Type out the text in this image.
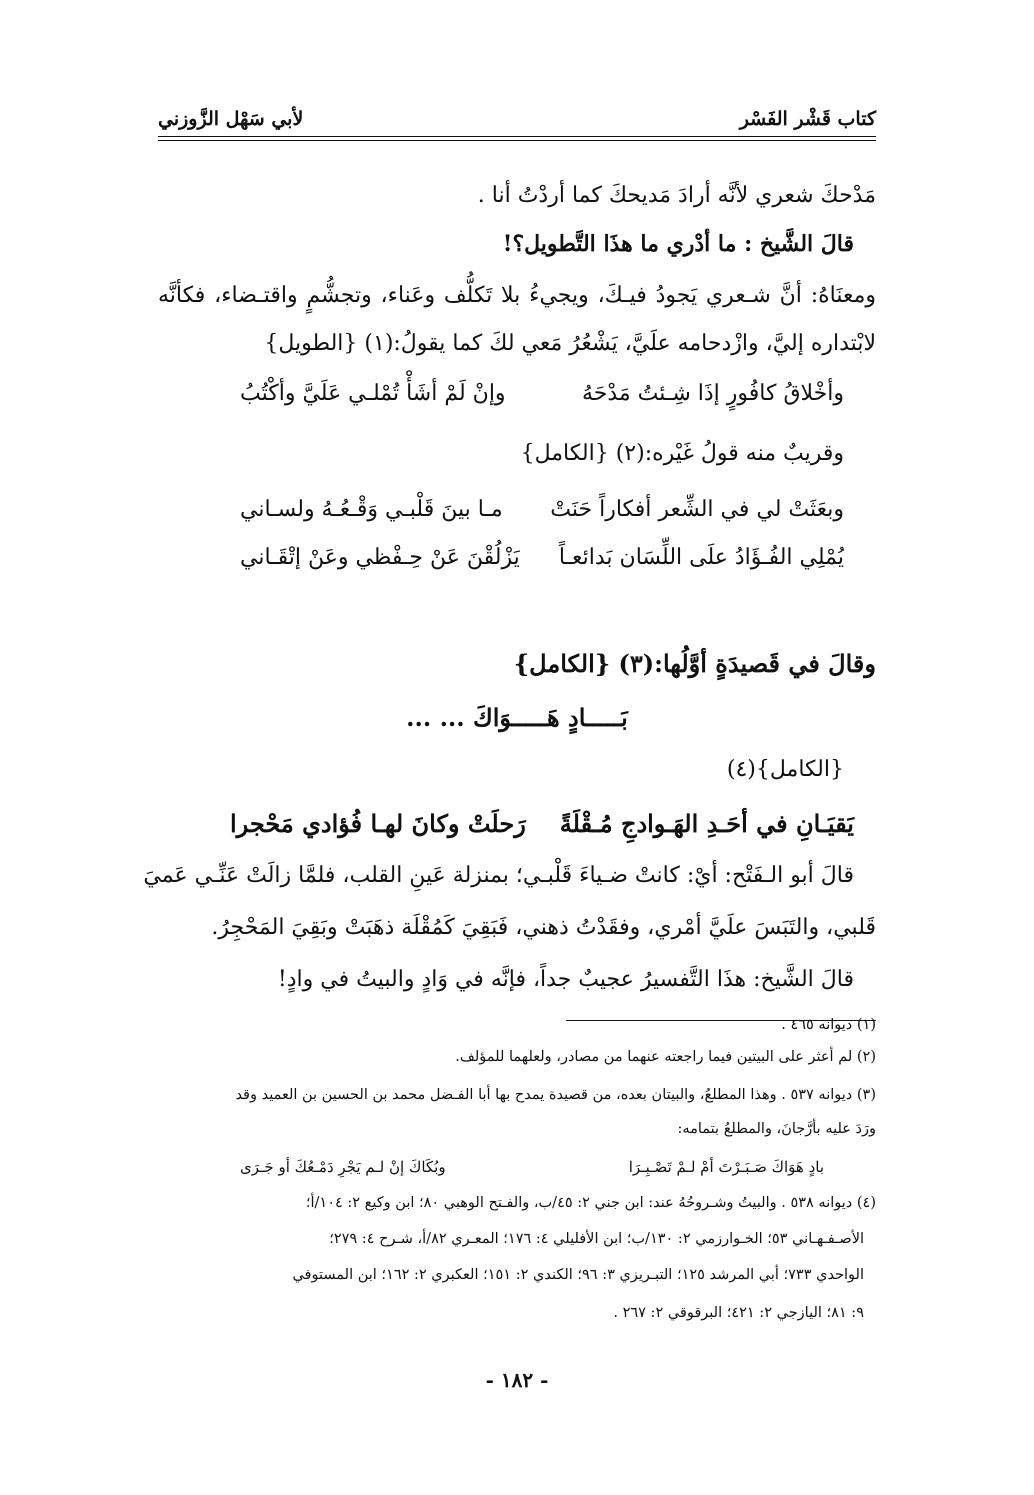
كتاب قَشْر الفَسْر
لأبي سَهْل الزَّوزني
مَدْحكَ شعري لأنَّه أرادَ مَديحكَ كما أردْتُ أنا .
قالَ الشَّيخ : ما أدْري ما هذَا التَّطويل؟!
ومعنَاهُ: أنَّ شـعري يَجودُ فيـكَ، ويجيءُ بلا تَكلُّف وعَناء، وتجشُّمٍ واقتـضاء، فكأنَّه
لابْتداره إليَّ، وازْدحامه علَيَّ، يَشْعُرُ مَعي لكَ كما يقولُ:(١) {الطويل}
وأخْلاقُ كافُورٍ إذَا شِـئتُ مَدْحَهُ
وإنْ لَمْ أشَأْ تُمْلـي عَلَيَّ وأكْتُبُ
وقريبٌ منه قولُ غَيْره:(٢) {الكامل}
وبعَثَتْ لي في الشِّعر أفكاراً حَنَتْ
مـا بينَ قَلْبـي وَقْـعُـهُ ولسـاني
يُمْلِي الفُـؤَادُ علَى اللِّسَان بَدائعـاً
يَزْلُقْنَ عَنْ حِـفْظي وعَنْ إتْقَـاني
وقالَ في قَصيدَةٍ أوَّلُها:(٣) {الكامل}
بَـــــادٍ هَـــــوَاكَ ... ...
{الكامل}(٤)
يَقيَـانِ في أحَـدِ الهَـوادجِ مُـقْلَةً
رَحلَتْ وكانَ لهـا فُؤادي مَحْجرا
قالَ أبو الـفَتْح: أيْ: كانتْ ضـياءَ قَلْبـي؛ بمنزلة عَينِ القلب، فلمَّا زالَتْ عَنِّـي عَميَ
قَلبي، والتَبَسَ علَيَّ أمْري، وفقَدْتُ ذهني، فَبَقِيَ كَمُقْلَة ذهَبَتْ وبَقِيَ المَحْجِرُ.
قالَ الشَّيخ: هذَا التَّفسيرُ عجيبٌ جداً، فإنَّه في وَادٍ والبيتُ في وادٍ!
(١) ديوانه ٤٦٥ .
(٢) لم أعثر على البيتين فيما راجعته عنهما من مصادر، ولعلهما للمؤلف.
(٣) ديوانه ٥٣٧ . وهذا المطلعُ، والبيتان بعده، من قصيدة يمدح بها أبا الفـضل محمد بن الحسين بن العميد وقد
ورَدَ عليه بأرَّجانَ، والمطلعُ بتمامه:
بادٍ هَوَاكَ صَـبَـرْتَ أمْ لـمْ تَصْـبِـرَا
وبُكَاكَ إنْ لـم يَجْرِ دَمْـعُكَ أو جَـرَى
(٤) ديوانه ٥٣٨ . والبيتُ وشـروحُهُ عند: ابن جني ٢: ٤٥/ب، والفـتح الوهبي ٨٠؛ ابن وكيع ٢: ١٠٤/أ؛
الأصـفـهـاني ٥٣؛ الخـوارزمي ٢: ١٣٠/ب؛ ابن الأفليلي ٤: ١٧٦؛ المعـري ٨٢/أ، شـرح ٤: ٢٧٩؛
الواحدي ٧٣٣؛ أبي المرشد ١٢٥؛ التبـريزي ٣: ٩٦؛ الكندي ٢: ١٥١؛ العكبري ٢: ١٦٢؛ ابن المستوفي
٩: ٨١؛ اليازجي ٢: ٤٢١؛ البرقوقي ٢: ٢٦٧ .
- ١٨٢ -
